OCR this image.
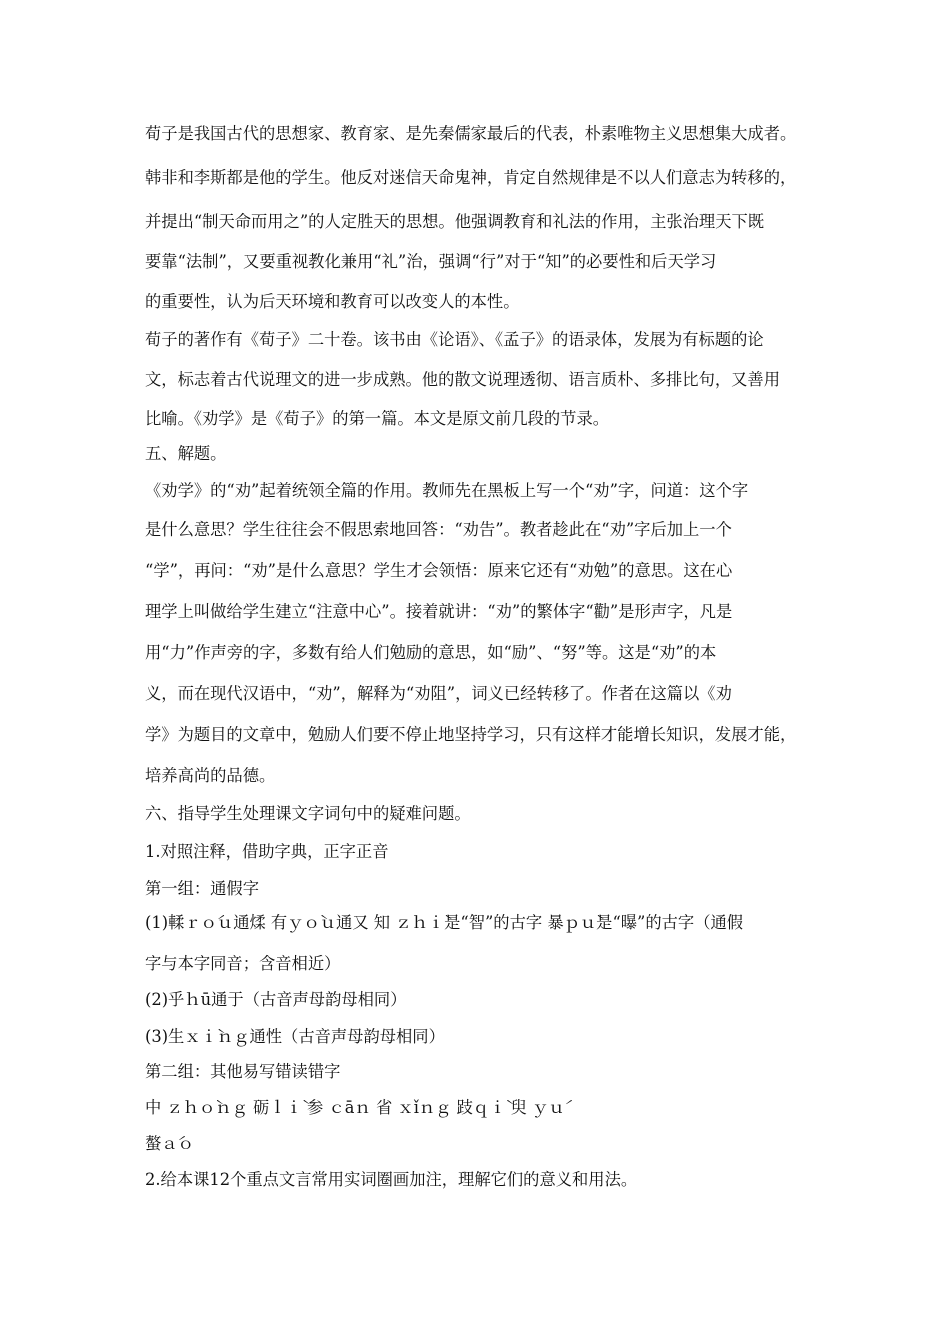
荀子是我国古代的思想家、教育家、是先秦儒家最后的代表，朴素唯物主义思想集大成者。
韩非和李斯都是他的学生。他反对迷信天命鬼神，肯定自然规律是不以人们意志为转移的，
并提出“制天命而用之”的人定胜天的思想。他强调教育和礼法的作用，主张治理天下既
要靠“法制”，又要重视教化兼用“礼”治，强调“行”对于“知”的必要性和后天学习
的重要性，认为后天环境和教育可以改变人的本性。
荀子的著作有《荀子》二十卷。该书由《论语》、《孟子》的语录体，发展为有标题的论
文，标志着古代说理文的进一步成熟。他的散文说理透彻、语言质朴、多排比句，又善用
比喻。《劝学》是《荀子》的第一篇。本文是原文前几段的节录。
五、解题。
《劝学》的“劝”起着统领全篇的作用。教师先在黑板上写一个“劝”字，问道：这个字
是什么意思？学生往往会不假思索地回答：“劝告”。教者趁此在“劝”字后加上一个
“学”，再问：“劝”是什么意思？学生才会领悟：原来它还有“劝勉”的意思。这在心
理学上叫做给学生建立“注意中心”。接着就讲：“劝”的繁体字“勸”是形声字，凡是
用“力”作声旁的字，多数有给人们勉励的意思，如“励”、“努”等。这是“劝”的本
义，而在现代汉语中，“劝”，解释为“劝阻”，词义已经转移了。作者在这篇以《劝
学》为题目的文章中，勉励人们要不停止地坚持学习，只有这样才能增长知识，发展才能，
培养高尚的品德。
六、指导学生处理课文字词句中的疑难问题。
1.对照注释，借助字典，正字正音
第一组：通假字
(1)輮ｒｏ́ｕ通煣 有ｙｏ̀ｕ通又 知 ｚｈｉ̀是“智”的古字 暴ｐｕ̀是“曝”的古字（通假
字与本字同音；含音相近）
(2)乎ｈū通于（古音声母韵母相同）
(3)生ｘｉ̀ｎｇ通性（古音声母韵母相同）
第二组：其他易写错读错字
中 ｚｈｏ̀ｎｇ 砺ｌｉ̀ 参 ｃāｎ 省 ｘǐｎｇ 跂ｑｉ̀ 臾 ｙｕ́
螯ａ́ｏ
2.给本课12个重点文言常用实词圈画加注，理解它们的意义和用法。
